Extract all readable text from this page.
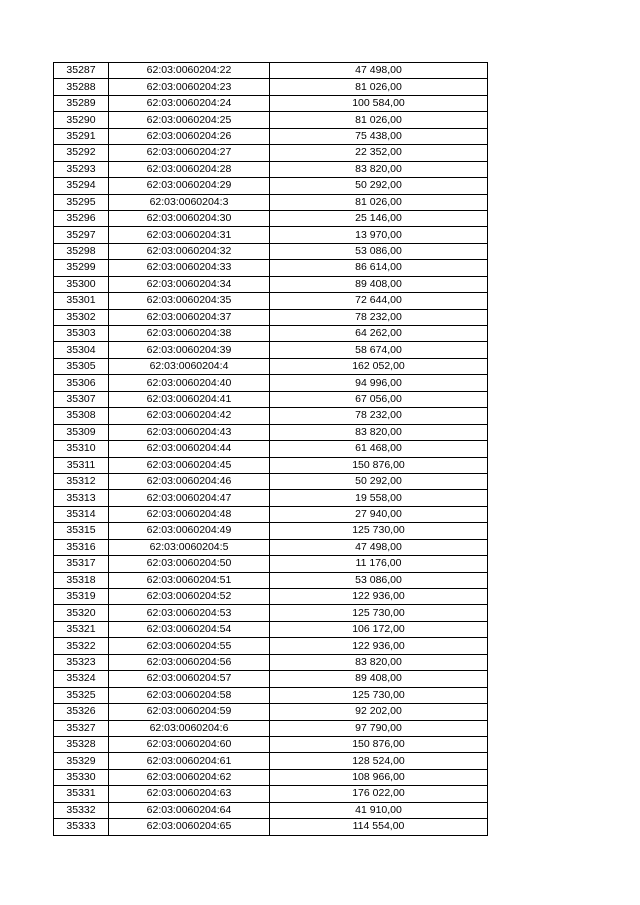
35287	62:03:0060204:22	47 498,00
35288	62:03:0060204:23	81 026,00
35289	62:03:0060204:24	100 584,00
35290	62:03:0060204:25	81 026,00
35291	62:03:0060204:26	75 438,00
35292	62:03:0060204:27	22 352,00
35293	62:03:0060204:28	83 820,00
35294	62:03:0060204:29	50 292,00
35295	62:03:0060204:3	81 026,00
35296	62:03:0060204:30	25 146,00
35297	62:03:0060204:31	13 970,00
35298	62:03:0060204:32	53 086,00
35299	62:03:0060204:33	86 614,00
35300	62:03:0060204:34	89 408,00
35301	62:03:0060204:35	72 644,00
35302	62:03:0060204:37	78 232,00
35303	62:03:0060204:38	64 262,00
35304	62:03:0060204:39	58 674,00
35305	62:03:0060204:4	162 052,00
35306	62:03:0060204:40	94 996,00
35307	62:03:0060204:41	67 056,00
35308	62:03:0060204:42	78 232,00
35309	62:03:0060204:43	83 820,00
35310	62:03:0060204:44	61 468,00
35311	62:03:0060204:45	150 876,00
35312	62:03:0060204:46	50 292,00
35313	62:03:0060204:47	19 558,00
35314	62:03:0060204:48	27 940,00
35315	62:03:0060204:49	125 730,00
35316	62:03:0060204:5	47 498,00
35317	62:03:0060204:50	11 176,00
35318	62:03:0060204:51	53 086,00
35319	62:03:0060204:52	122 936,00
35320	62:03:0060204:53	125 730,00
35321	62:03:0060204:54	106 172,00
35322	62:03:0060204:55	122 936,00
35323	62:03:0060204:56	83 820,00
35324	62:03:0060204:57	89 408,00
35325	62:03:0060204:58	125 730,00
35326	62:03:0060204:59	92 202,00
35327	62:03:0060204:6	97 790,00
35328	62:03:0060204:60	150 876,00
35329	62:03:0060204:61	128 524,00
35330	62:03:0060204:62	108 966,00
35331	62:03:0060204:63	176 022,00
35332	62:03:0060204:64	41 910,00
35333	62:03:0060204:65	114 554,00
